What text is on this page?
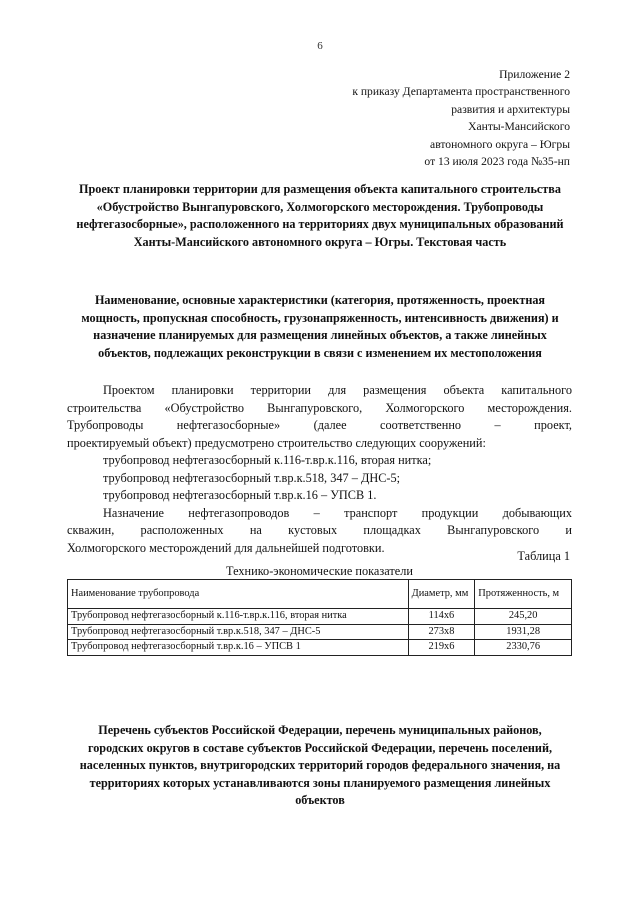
6
Приложение 2
к приказу Департамента пространственного
развития и архитектуры
Ханты-Мансийского
автономного округа – Югры
от 13 июля 2023 года №35-нп
Проект планировки территории для размещения объекта капитального строительства «Обустройство Вынгапуровского, Холмогорского месторождения. Трубопроводы нефтегазосборные», расположенного на территориях двух муниципальных образований Ханты-Мансийского автономного округа – Югры. Текстовая часть
Наименование, основные характеристики (категория, протяженность, проектная мощность, пропускная способность, грузонапряженность, интенсивность движения) и назначение планируемых для размещения линейных объектов, а также линейных объектов, подлежащих реконструкции в связи с изменением их местоположения

Проектом планировки территории для размещения объекта капитального

строительства «Обустройство Вынгапуровского, Холмогорского месторождения.

Трубопроводы нефтегазосборные» (далее соответственно – проект,

проектируемый объект) предусмотрено строительство следующих сооружений:

трубопровод нефтегазосборный к.116-т.вр.к.116, вторая нитка;

трубопровод нефтегазосборный т.вр.к.518, 347 – ДНС-5;

трубопровод нефтегазосборный т.вр.к.16 – УПСВ 1.

Назначение нефтегазопроводов – транспорт продукции добывающих

скважин, расположенных на кустовых площадках Вынгапуровского и

Холмогорского месторождений для дальнейшей подготовки.

Таблица 1
Технико-экономические показатели
Наименование трубопровода	Диаметр, мм	Протяженность, м
Трубопровод нефтегазосборный к.116-т.вр.к.116, вторая нитка	114х6	245,20
Трубопровод нефтегазосборный т.вр.к.518, 347 – ДНС-5	273х8	1931,28
Трубопровод нефтегазосборный т.вр.к.16 – УПСВ 1	219х6	2330,76
Перечень субъектов Российской Федерации, перечень муниципальных районов, городских округов в составе субъектов Российской Федерации, перечень поселений, населенных пунктов, внутригородских территорий городов федерального значения, на территориях которых устанавливаются зоны планируемого размещения линейных объектов
